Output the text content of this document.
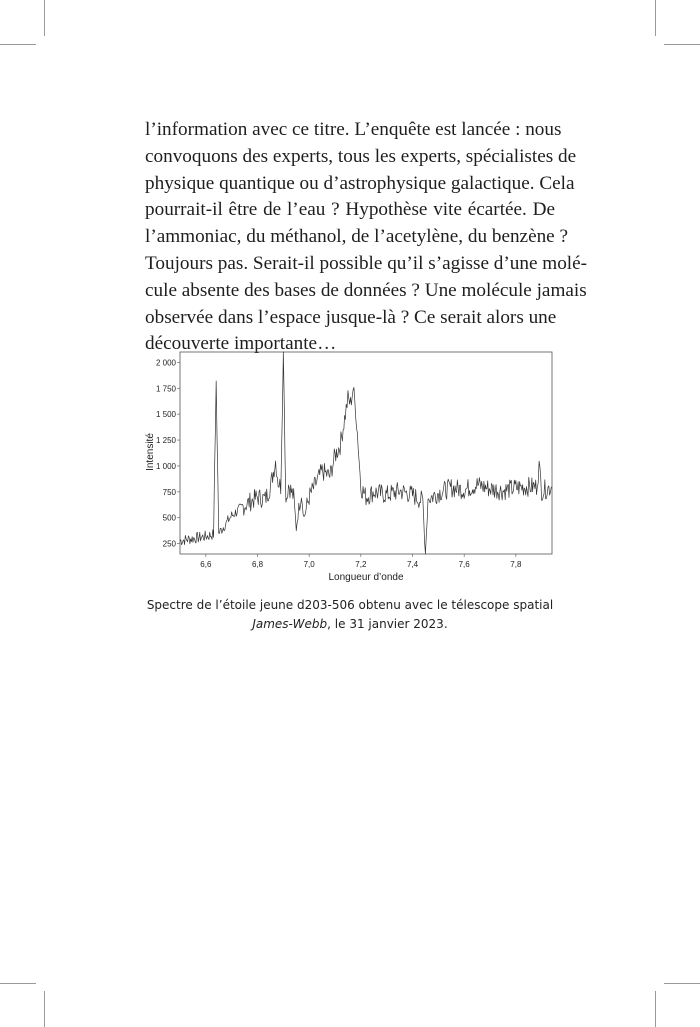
l’information avec ce titre. L’enquête est lancée : nous
convoquons des experts, tous les experts, spécialistes de
physique quantique ou d’astrophysique galactique. Cela
pourrait-il être de l’eau ? Hypothèse vite écartée. De
l’ammoniac, du méthanol, de l’acetylène, du benzène ?
Toujours pas. Serait-il possible qu’il s’agisse d’une molé-
cule absente des bases de données ? Une molécule jamais
observée dans l’espace jusque-là ? Ce serait alors une
découverte importante…

250
500
750
1 000
1 250
1 500
1 750
2 000
6,6	6,8	7,0	7,2	7,4	7,6	7,8
Longueur d’onde
Intensité
Spectre de l’étoile jeune d203-506 obtenu avec le télescope spatial
James-Webb, le 31 janvier 2023.
